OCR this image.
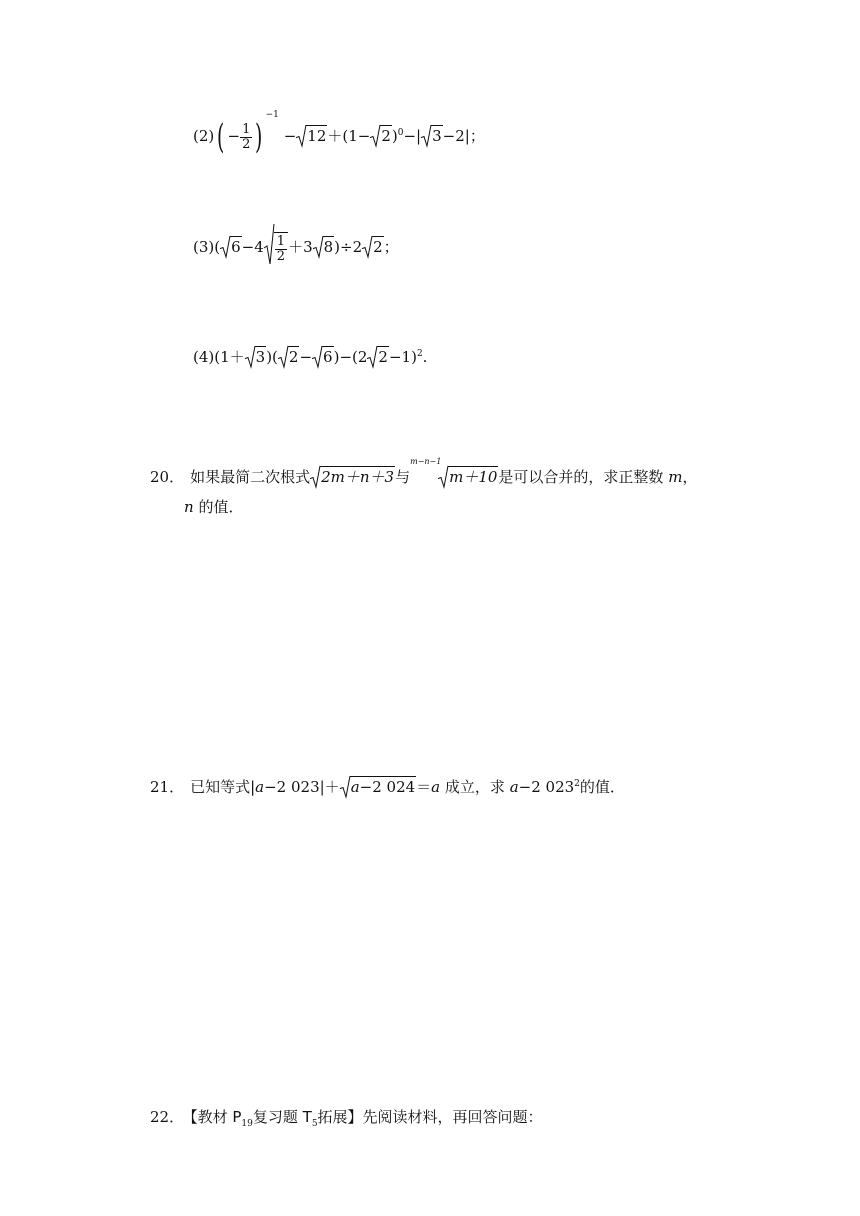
$(2)( - \frac{1}{2} )^{-1} - 12+(1- 2)^0-|$ 3−2|；
(3)( $6-4 \frac{1}{2} +3$ 8)÷2 2；
(4)(1＋ 3)( 2− 6)−(2 2−1)$^2$.
20． 如果最简二次根式 2m＋n＋3与
m−n−1
m＋10是可以合并的，求正整数 m，
n 的值．
21． 已知等式|a−2 023|＋ a−2 024＝a 成立，求 a−2 $023^2$的值．
22． 【教材 $P_{19}$复习题 $T_5$拓展】先阅读材料，再回答问题：
